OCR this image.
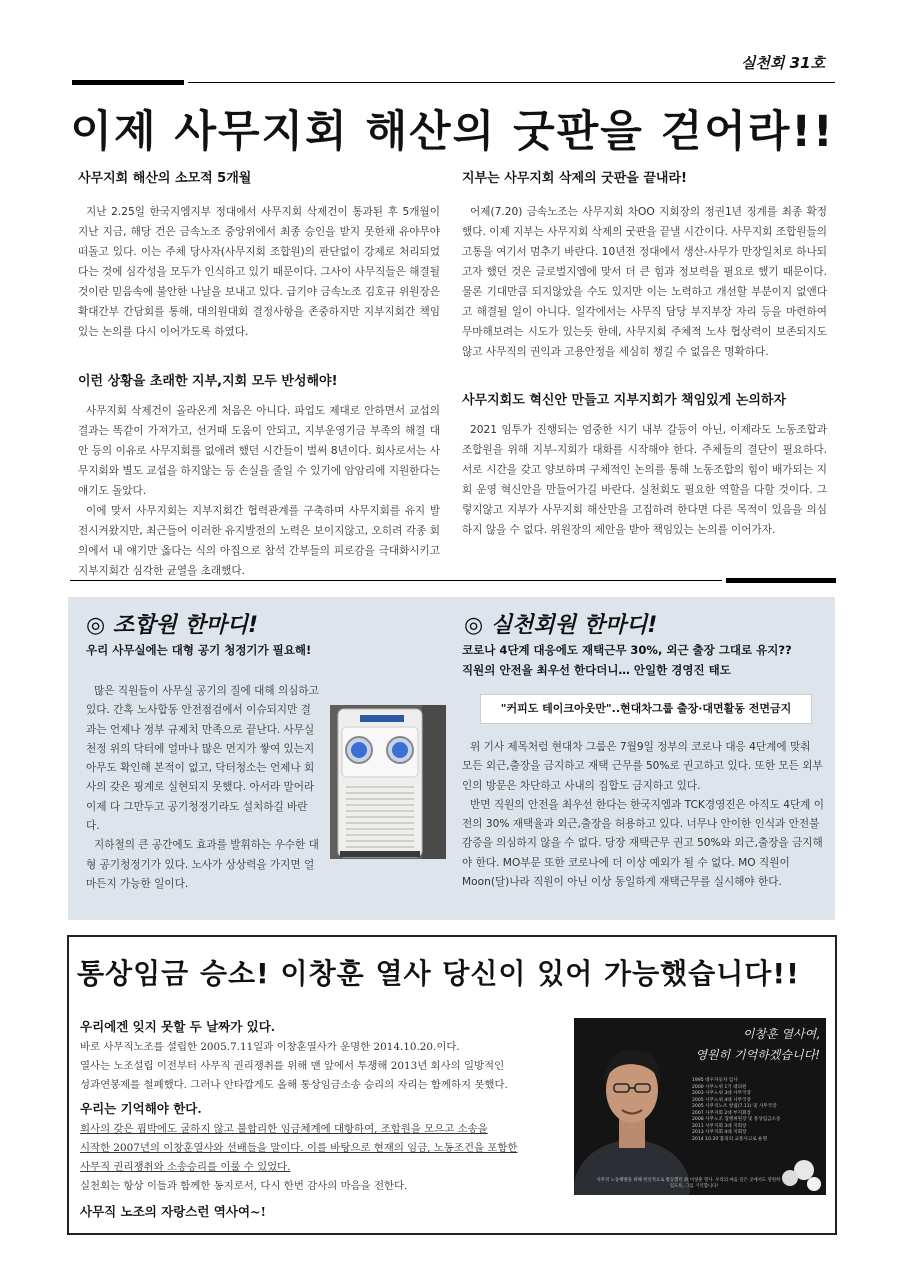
실천회 31호
이제 사무지회 해산의 굿판을 걷어라!!
사무지회 해산의 소모적 5개월

지난 2.25일 한국지엠지부 정대에서 사무지회 삭제건이 통과된 후 5개월이 지난 지금, 해당 건은 금속노조 중앙위에서 최종 승인을 받지 못한채 유야무야 떠돌고 있다. 이는 주체 당사자(사무지회 조합원)의 판단없이 강제로 처리되었다는 것에 심각성을 모두가 인식하고 있기 때문이다. 그사이 사무직들은 해결될 것이란 믿음속에 불안한 나날을 보내고 있다. 급기야 금속노조 김호규 위원장은 확대간부 간담회를 통해, 대의원대회 결정사항을 존중하지만 지부지회간 책임있는 논의를 다시 이어가도록 하였다.

이런 상황을 초래한 지부,지회 모두 반성해야!

사무지회 삭제건이 올라온게 처음은 아니다. 파업도 제대로 안하면서 교섭의 결과는 똑같이 가져가고, 선거때 도움이 안되고, 지부운영기금 부족의 해결 대안 등의 이유로 사무지회를 없애려 했던 시간들이 벌써 8년이다. 회사로서는 사무지회와 별도 교섭을 하지않는 등 손실을 줄일 수 있기에 암암리에 지원한다는 얘기도 돌았다.

이에 맞서 사무지회는 지부지회간 협력관계를 구축하며 사무지회를 유지 발전시켜왔지만, 최근들어 이러한 유지발전의 노력은 보이지않고, 오히려 각종 회의에서 내 얘기만 옳다는 식의 아집으로 참석 간부들의 피로감을 극대화시키고 지부지회간 심각한 균열을 초래했다.

지부는 사무지회 삭제의 굿판을 끝내라!

어제(7.20) 금속노조는 사무지회 차OO 지회장의 정권1년 징계를 최종 확정했다. 이제 지부는 사무지회 삭제의 굿판을 끝낼 시간이다. 사무지회 조합원들의 고통을 여기서 멈추기 바란다. 10년전 정대에서 생산-사무가 만장일치로 하나되고자 했던 것은 글로벌지엠에 맞서 더 큰 힘과 정보력을 필요로 했기 때문이다. 물론 기대만큼 되지않았을 수도 있지만 이는 노력하고 개선할 부분이지 없앤다고 해결될 일이 아니다. 일각에서는 사무직 담당 부지부장 자리 등을 마련하여 무마해보려는 시도가 있는듯 한데, 사무지회 주체적 노사 협상력이 보존되지도 않고 사무직의 권익과 고용안정을 세심히 챙길 수 없음은 명확하다.

사무지회도 혁신안 만들고 지부지회가 책임있게 논의하자

2021 임투가 진행되는 엄중한 시기 내부 갈등이 아닌, 이제라도 노동조합과 조합원을 위해 지부-지회가 대화를 시작해야 한다. 주체들의 결단이 필요하다. 서로 시간을 갖고 양보하며 구체적인 논의를 통해 노동조합의 힘이 배가되는 지회 운영 혁신안을 만들어가길 바란다. 실천회도 필요한 역할을 다할 것이다. 그렇지않고 지부가 사무지회 해산만을 고집하려 한다면 다른 목적이 있음을 의심하지 않을 수 없다. 위원장의 제안을 받아 책임있는 논의를 이어가자.

◎ 조합원 한마디!
우리 사무실에는 대형 공기 청정기가 필요해!

많은 직원들이 사무실 공기의 질에 대해 의심하고 있다. 간혹 노사합동 안전점검에서 이슈되지만 결과는 언제나 정부 규제치 만족으로 끝난다. 사무실 천정 위의 닥터에 얼마나 많은 먼지가 쌓여 있는지 아무도 확인해 본적이 없고, 닥터청소는 언제나 회사의 갖은 핑계로 실현되지 못했다. 아서라 말어라 이제 다 그만두고 공기청정기라도 설치하길 바란다.

지하철의 큰 공간에도 효과를 발휘하는 우수한 대형 공기청정기가 있다. 노사가 상상력을 가지면 얼마든지 가능한 일이다.

◎ 실천회원 한마디!
코로나 4단계 대응에도 재택근무 30%, 외근 출장 그대로 유지??
직원의 안전을 최우선 한다더니… 안일한 경영진 태도
"커피도 테이크아웃만"..현대차그룹 출장·대면활동 전면금지

위 기사 제목처럼 현대차 그룹은 7월9일 정부의 코로나 대응 4단계에 맞춰 모든 외근,출장을 금지하고 재택 근무를 50%로 권고하고 있다. 또한 모든 외부인의 방문은 차단하고 사내의 집합도 금지하고 있다.

반면 직원의 안전을 최우선 한다는 한국지엠과 TCK경영진은 아직도 4단계 이전의 30% 재택율과 외근,출장을 허용하고 있다. 너무나 안이한 인식과 안전불감증을 의심하지 않을 수 없다. 당장 재택근무 권고 50%와 외근,출장을 금지해야 한다. MO부문 또한 코로나에 더 이상 예외가 될 수 없다. MO 직원이 Moon(달)나라 직원이 아닌 이상 동일하게 재택근무를 실시해야 한다.

통상임금 승소! 이창훈 열사 당신이 있어 가능했습니다!!
우리에겐 잊지 못할 두 날짜가 있다.
바로 사무직노조를 설립한 2005.7.11일과 이창훈열사가 운명한 2014.10.20.이다.
열사는 노조설립 이전부터 사무직 권리쟁취를 위해 맨 앞에서 투쟁해 2013년 회사의 일방적인
성과연봉제를 철폐했다. 그러나 안타깝게도 올해 통상임금소송 승리의 자리는 함께하지 못했다.
우리는 기억해야 한다.
회사의 갖은 핍박에도 굴하지 않고 불합리한 임금체계에 대항하여, 조합원을 모으고 소송을
시작한 2007년의 이창훈열사와 선배들을 말이다. 이를 바탕으로 현재의 임금, 노동조건을 포함한
사무직 권리쟁취와 소송승리를 이룰 수 있었다.
실천회는 항상 이들과 함께한 동지로서, 다시 한번 감사의 마음을 전한다.
사무직 노조의 자랑스런 역사여~!
이창훈 열사여,
영원히 기억하겠습니다!
1995 대우자동차 입사
2000 사무노위 1기 대의원
2003 사무노위 3대 사무국장
2005 사무노위 4대 사무국장
2005 사무직노조 창립(7.11) 및 사무국장
2007 사무지회 2대 부지회장
2008 사무노조 집행위원장 및 통상임금소송
2011 사무지회 3대 지회장
2013 사무지회 4대 지회장
2014 10.20 불의의 교통사고로 운명
사무직 노동해방을 위해 헌신적으로 활동했던 故 이창훈 열사. 우리의 마음 깊은 곳에서도 영원히 살 수 있도록, 그를 기억합니다!
